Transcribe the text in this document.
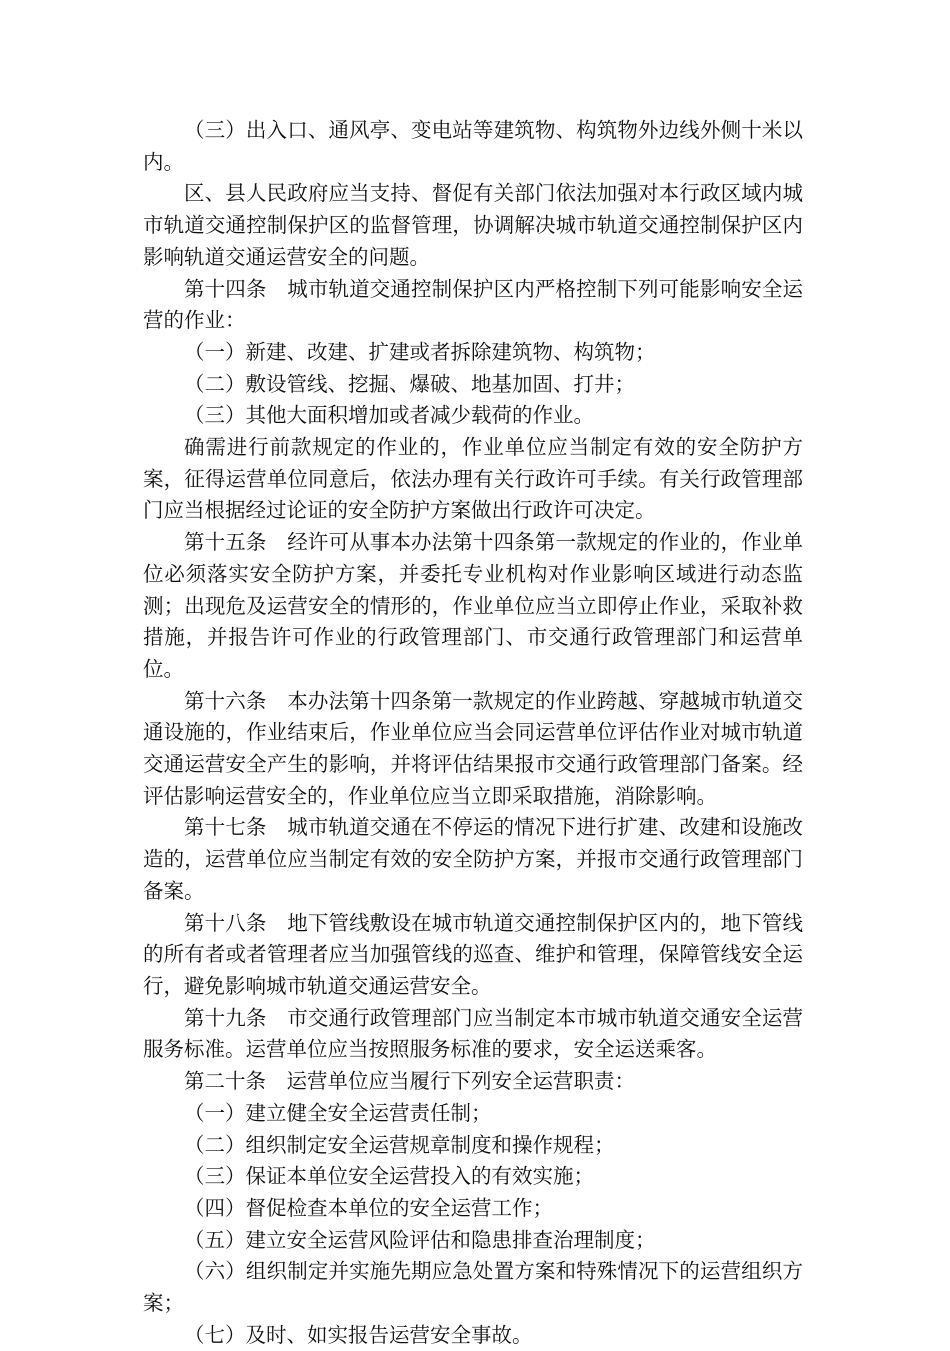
（三）出入口、通风亭、变电站等建筑物、构筑物外边线外侧十米以内。

区、县人民政府应当支持、督促有关部门依法加强对本行政区域内城市轨道交通控制保护区的监督管理，协调解决城市轨道交通控制保护区内影响轨道交通运营安全的问题。

第十四条　城市轨道交通控制保护区内严格控制下列可能影响安全运营的作业：

（一）新建、改建、扩建或者拆除建筑物、构筑物；

（二）敷设管线、挖掘、爆破、地基加固、打井；

（三）其他大面积增加或者减少载荷的作业。

确需进行前款规定的作业的，作业单位应当制定有效的安全防护方案，征得运营单位同意后，依法办理有关行政许可手续。有关行政管理部门应当根据经过论证的安全防护方案做出行政许可决定。

第十五条　经许可从事本办法第十四条第一款规定的作业的，作业单位必须落实安全防护方案，并委托专业机构对作业影响区域进行动态监测；出现危及运营安全的情形的，作业单位应当立即停止作业，采取补救措施，并报告许可作业的行政管理部门、市交通行政管理部门和运营单位。

第十六条　本办法第十四条第一款规定的作业跨越、穿越城市轨道交通设施的，作业结束后，作业单位应当会同运营单位评估作业对城市轨道交通运营安全产生的影响，并将评估结果报市交通行政管理部门备案。经评估影响运营安全的，作业单位应当立即采取措施，消除影响。

第十七条　城市轨道交通在不停运的情况下进行扩建、改建和设施改造的，运营单位应当制定有效的安全防护方案，并报市交通行政管理部门备案。

第十八条　地下管线敷设在城市轨道交通控制保护区内的，地下管线的所有者或者管理者应当加强管线的巡查、维护和管理，保障管线安全运行，避免影响城市轨道交通运营安全。

第十九条　市交通行政管理部门应当制定本市城市轨道交通安全运营服务标准。运营单位应当按照服务标准的要求，安全运送乘客。

第二十条　运营单位应当履行下列安全运营职责：

（一）建立健全安全运营责任制；

（二）组织制定安全运营规章制度和操作规程；

（三）保证本单位安全运营投入的有效实施；

（四）督促检查本单位的安全运营工作；

（五）建立安全运营风险评估和隐患排查治理制度；

（六）组织制定并实施先期应急处置方案和特殊情况下的运营组织方案；

（七）及时、如实报告运营安全事故。
